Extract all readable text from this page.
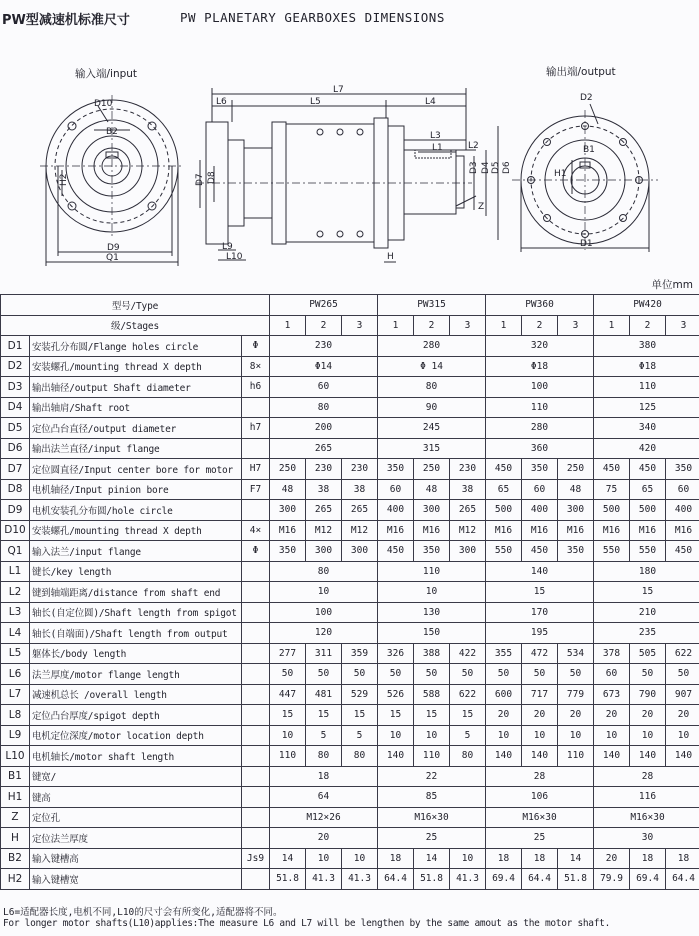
PW型减速机标准尺寸	PW PLANETARY GEARBOXES DIMENSIONS
输入端/input	输出端/output
D10
B2
H2
D9
Q1
L7
L6	L5	L4
L3
L1	L2
D7 D8
D3 D4 D5 D6
Z
L9
L10	H
D2
B1
H1
D1
单位mm
型号/Type			PW265			PW315			PW360			PW420		
级/Stages			1	2	3	1	2	3	1	2	3	1	2	3
D1	安装孔分布圆/Flange holes circle	Φ	230			280			320			380		
D2	安装螺孔/mounting thread X depth	8×	Φ14			Φ 14			Φ18			Φ18		
D3	输出轴径/output Shaft diameter	h6	60			80			100			110		
D4	输出轴肩/Shaft root		80			90			110			125		
D5	定位凸台直径/output diameter	h7	200			245			280			340		
D6	输出法兰直径/input flange		265			315			360			420		
D7	定位圆直径/Input center bore for motor	H7	250	230	230	350	250	230	450	350	250	450	450	350
D8	电机轴径/Input pinion bore	F7	48	38	38	60	48	38	65	60	48	75	65	60
D9	电机安装孔分布圆/hole circle		300	265	265	400	300	265	500	400	300	500	500	400
D10	安装螺孔/mounting thread X depth	4×	M16	M12	M12	M16	M16	M12	M16	M16	M16	M16	M16	M16
Q1	输入法兰/input flange	Φ	350	300	300	450	350	300	550	450	350	550	550	450
L1	键长/key length		80			110			140			180		
L2	键到轴端距离/distance from shaft end		10			10			15			15		
L3	轴长(自定位圆)/Shaft length from spigot		100			130			170			210		
L4	轴长(自端面)/Shaft length from output		120			150			195			235		
L5	躯体长/body length		277	311	359	326	388	422	355	472	534	378	505	622
L6	法兰厚度/motor flange length		50	50	50	50	50	50	50	50	50	60	50	50
L7	减速机总长 /overall length		447	481	529	526	588	622	600	717	779	673	790	907
L8	定位凸台厚度/spigot depth		15	15	15	15	15	15	20	20	20	20	20	20
L9	电机定位深度/motor location depth		10	5	5	10	10	5	10	10	10	10	10	10
L10	电机轴长/motor shaft length		110	80	80	140	110	80	140	140	110	140	140	140
B1	键宽/		18			22			28			28		
H1	键高		64			85			106			116		
Z	定位孔		M12×26			M16×30			M16×30			M16×30		
H	定位法兰厚度		20			25			25			30		
B2	输入键槽高	Js9	14	10	10	18	14	10	18	18	14	20	18	18
H2	输入键槽宽		51.8	41.3	41.3	64.4	51.8	41.3	69.4	64.4	51.8	79.9	69.4	64.4
L6=适配器长度,电机不同,L10的尺寸会有所变化,适配器将不同。
For longer motor shafts(L10)applies:The measure L6 and L7 will be lengthen by the same amout as the motor shaft.
